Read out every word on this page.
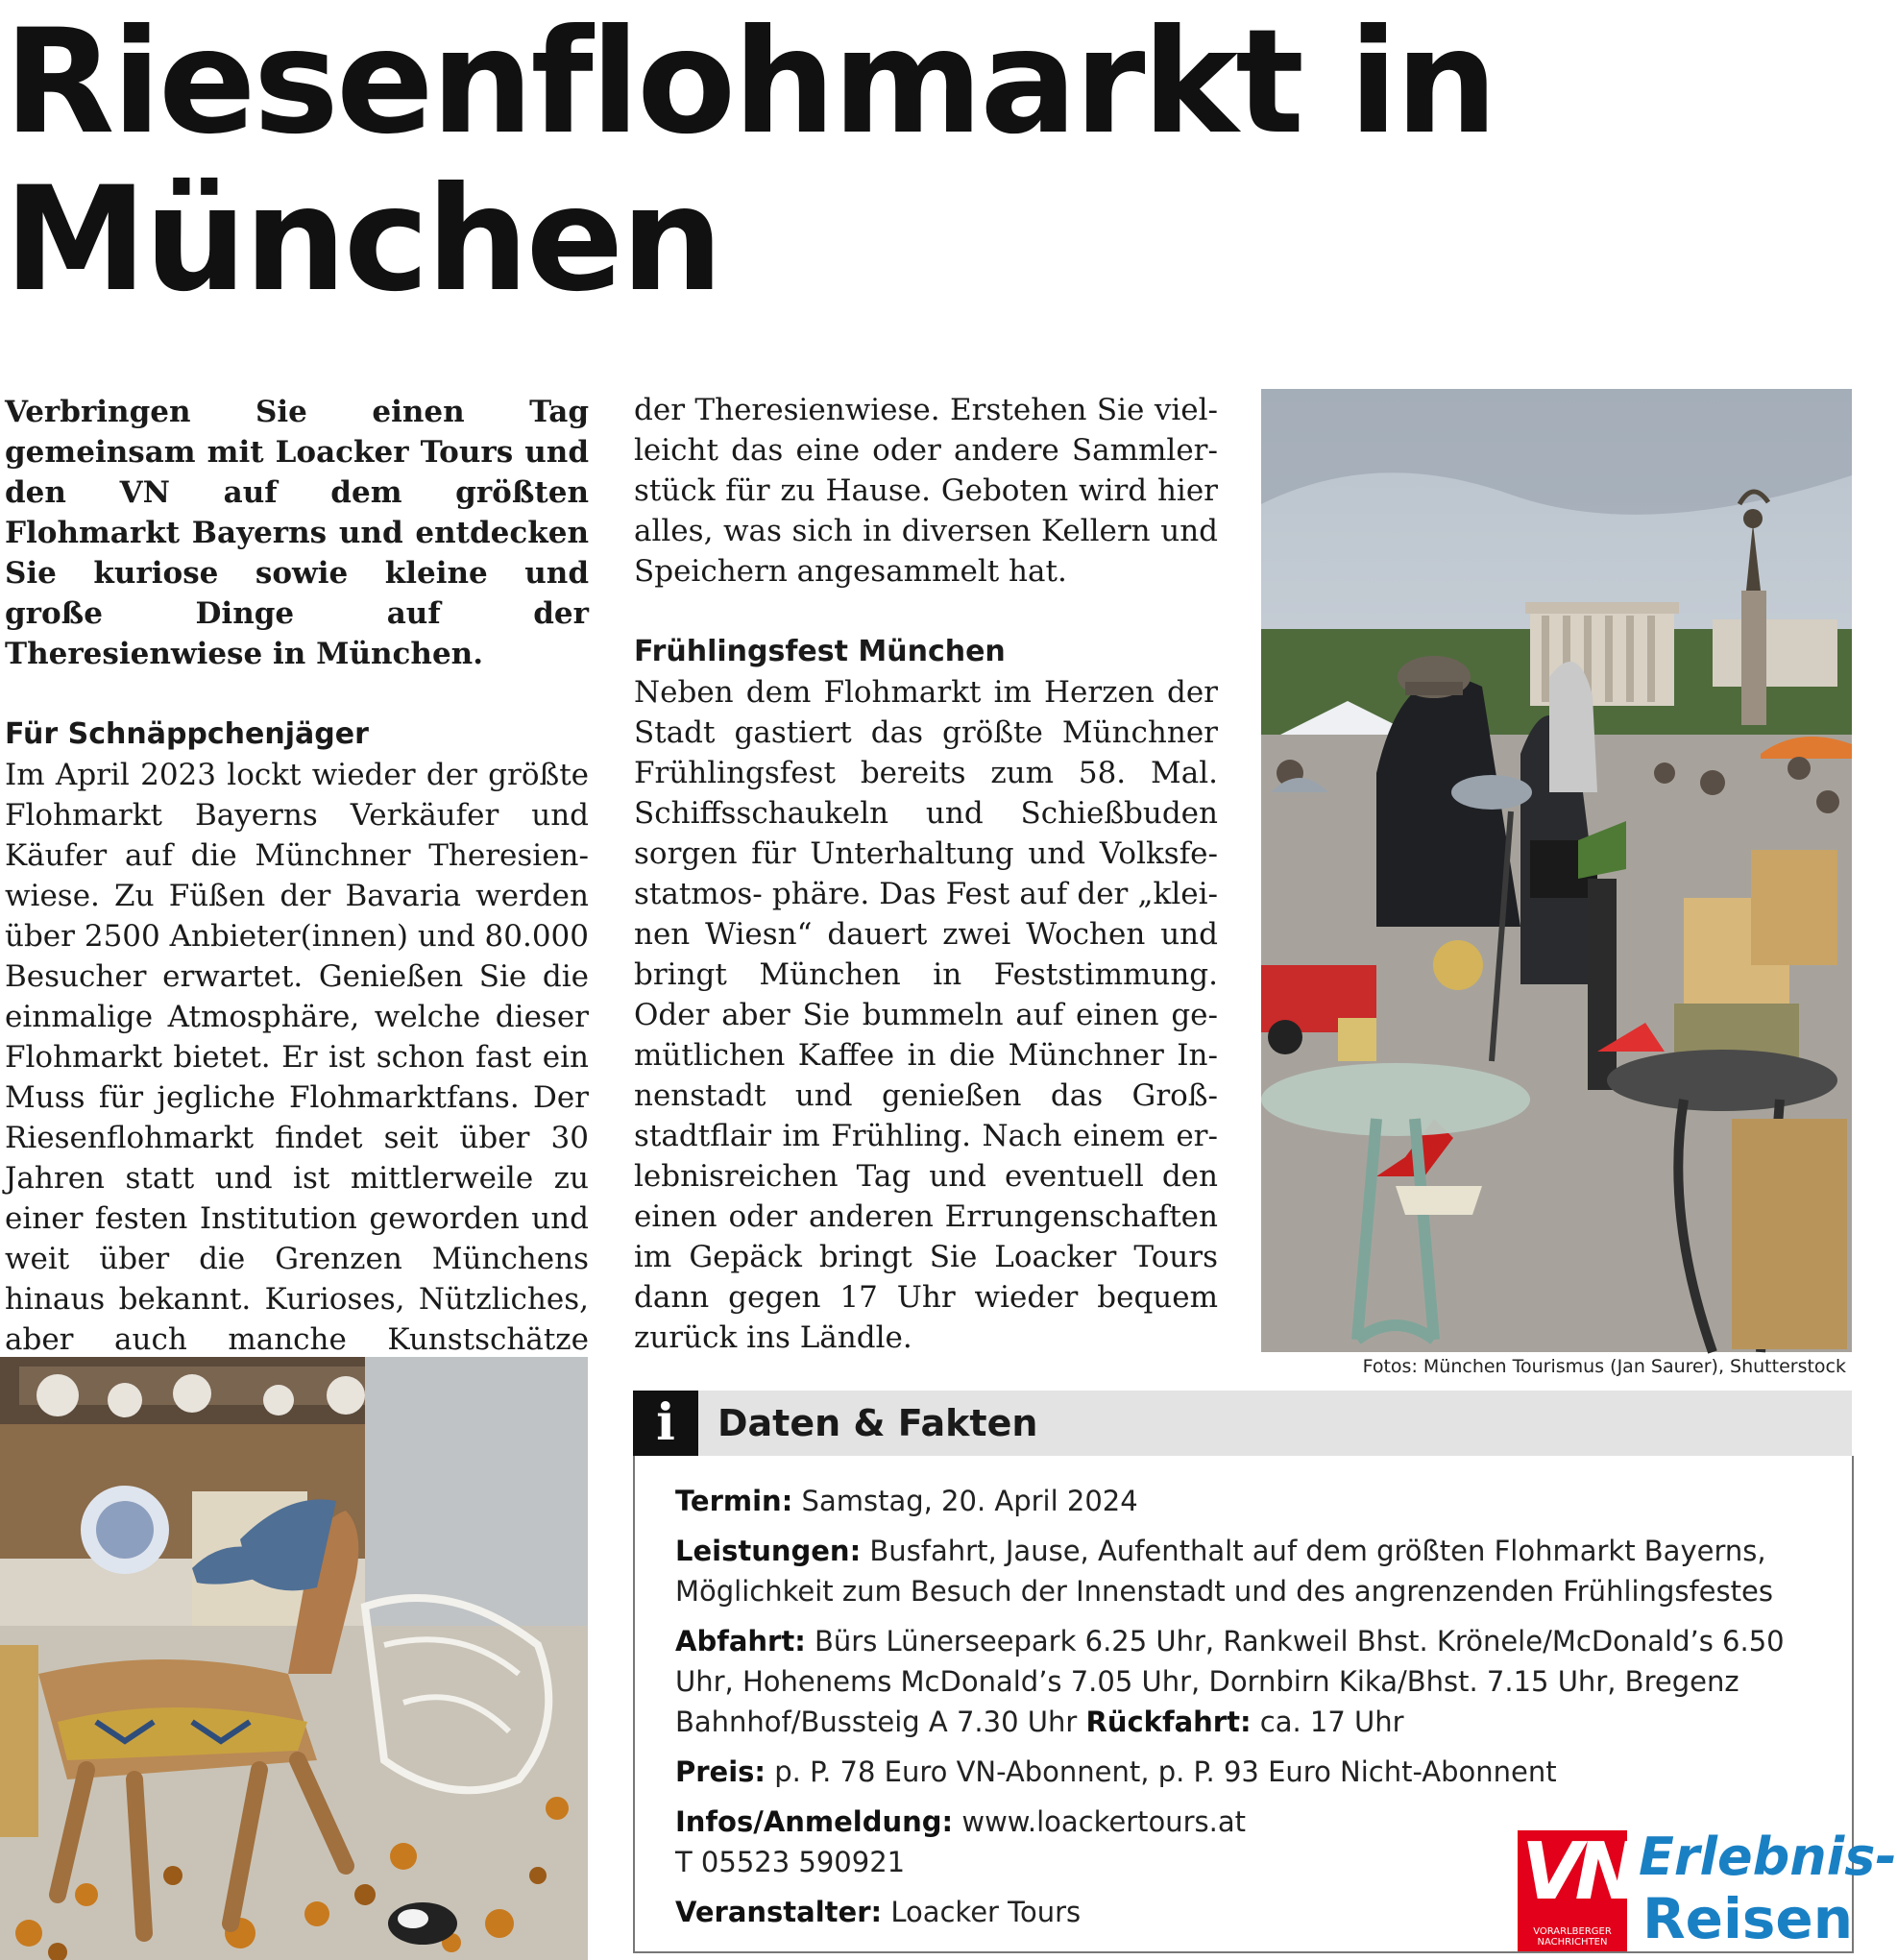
Riesenflohmarkt in München

Verbringen Sie einen Tag gemeinsam mit Loacker Tours und den VN auf dem größten Flohmarkt Bayerns und entdecken Sie kuriose sowie kleine und große Dinge auf der Theresienwiese in München.

Für Schnäppchenjäger

Im April 2023 lockt wieder der größte Flohmarkt Bayerns Verkäufer und Käufer auf die Münchner Theresienwiese. Zu Füßen der Bavaria werden über 2500 Anbieter(innen) und 80.000 Besucher erwartet. Genießen Sie die einmalige Atmosphäre, welche dieser Flohmarkt bietet. Er ist schon fast ein Muss für jegliche Flohmarktfans. Der Riesenflohmarkt findet seit über 30 Jahren statt und ist mittlerweile zu einer festen Institution geworden und weit über die Grenzen Münchens hinaus bekannt. Kurioses, Nützliches, aber auch manche Kunstschätze

der Theresienwiese. Erstehen Sie vielleicht das eine oder andere Sammlerstück für zu Hause. Geboten wird hier alles, was sich in diversen Kellern und Speichern angesammelt hat.

Frühlingsfest München

Neben dem Flohmarkt im Herzen der Stadt gastiert das größte Münchner Frühlingsfest bereits zum 58. Mal. Schiffsschaukeln und Schießbuden sorgen für Unterhaltung und Volksfestatmos- phäre. Das Fest auf der „kleinen Wiesn“ dauert zwei Wochen und bringt München in Feststimmung. Oder aber Sie bummeln auf einen gemütlichen Kaffee in die Münchner Innenstadt und genießen das Großstadtflair im Frühling. Nach einem erlebnisreichen Tag und eventuell den einen oder anderen Errungenschaften im Gepäck bringt Sie Loacker Tours dann gegen 17 Uhr wieder bequem zurück ins Ländle.

Fotos: München Tourismus (Jan Saurer), Shutterstock
i	Daten & Fakten

Termin: Samstag, 20. April 2024

Leistungen: Busfahrt, Jause, Aufenthalt auf dem größten Flohmarkt Bayerns, Möglichkeit zum Besuch der Innenstadt und des angrenzenden Frühlingsfestes

Abfahrt: Bürs Lünerseepark 6.25 Uhr, Rankweil Bhst. Krönele/McDonald’s 6.50 Uhr, Hohenems McDonald’s 7.05 Uhr, Dornbirn Kika/Bhst. 7.15 Uhr, Bregenz Bahnhof/Bussteig A 7.30 Uhr Rückfahrt: ca. 17 Uhr

Preis: p. P. 78 Euro VN-Abonnent, p. P. 93 Euro Nicht-Abonnent

Infos/Anmeldung: www.loackertours.at

T 05523 590921

Veranstalter: Loacker Tours	VN
VORARLBERGER
NACHRICHTEN
Erlebnis-
Reisen
